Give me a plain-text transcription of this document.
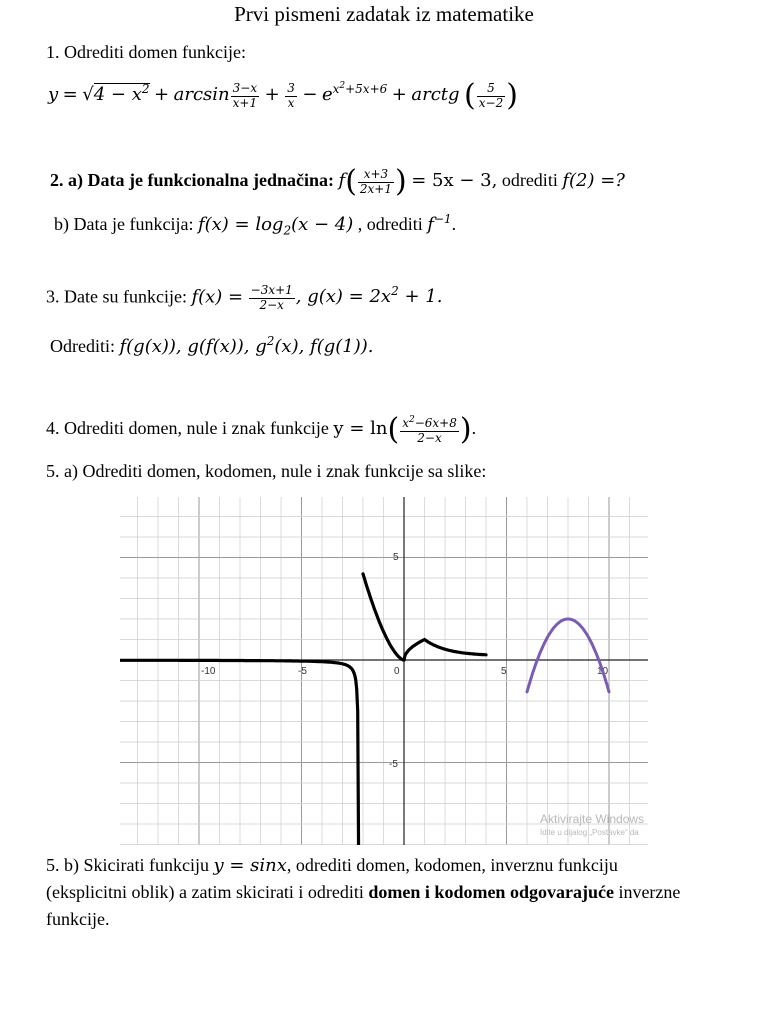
Prvi pismeni zadatak iz matematike
1. Odrediti domen funkcije:
$y = √4 - x^2 + \arcsin \frac{3-x}{x+1} + \frac{3}{x} - e^{x^2+5x+6}$ + arctg ( $\frac{5}{x-2}$ )
2. a) Data je funkcionalna jednačina: $f( \frac{x+3}{2x+1}$ ) = 5x − 3, odrediti f(2) =?
b) Data je funkcija: $f(x) = \log_2(x - 4)$ , odrediti $f^{-1}$.
3. Date su funkcije: $f(x) = \frac{-3x+1}{2-x}$ , $g(x) = 2x^2 + 1$.
Odrediti: f(g(x)), g(f(x)), $g^2(x)$, f(g(1)).
4. Odrediti domen, nule i znak funkcije $y = \ln( \frac{x^2-6x+8}{2-x}$ ).
5. a) Odrediti domen, kodomen, nule i znak funkcije sa slike:
-10	-5	0	5	10
5
-5
Aktivirajte Windows
Idite u dijalog „Postavke“ da
5. b) Skicirati funkciju y = sinx, odrediti domen, kodomen, inverznu funkciju
(eksplicitni oblik) a zatim skicirati i odrediti domen i kodomen odgovarajuće inverzne
funkcije.
